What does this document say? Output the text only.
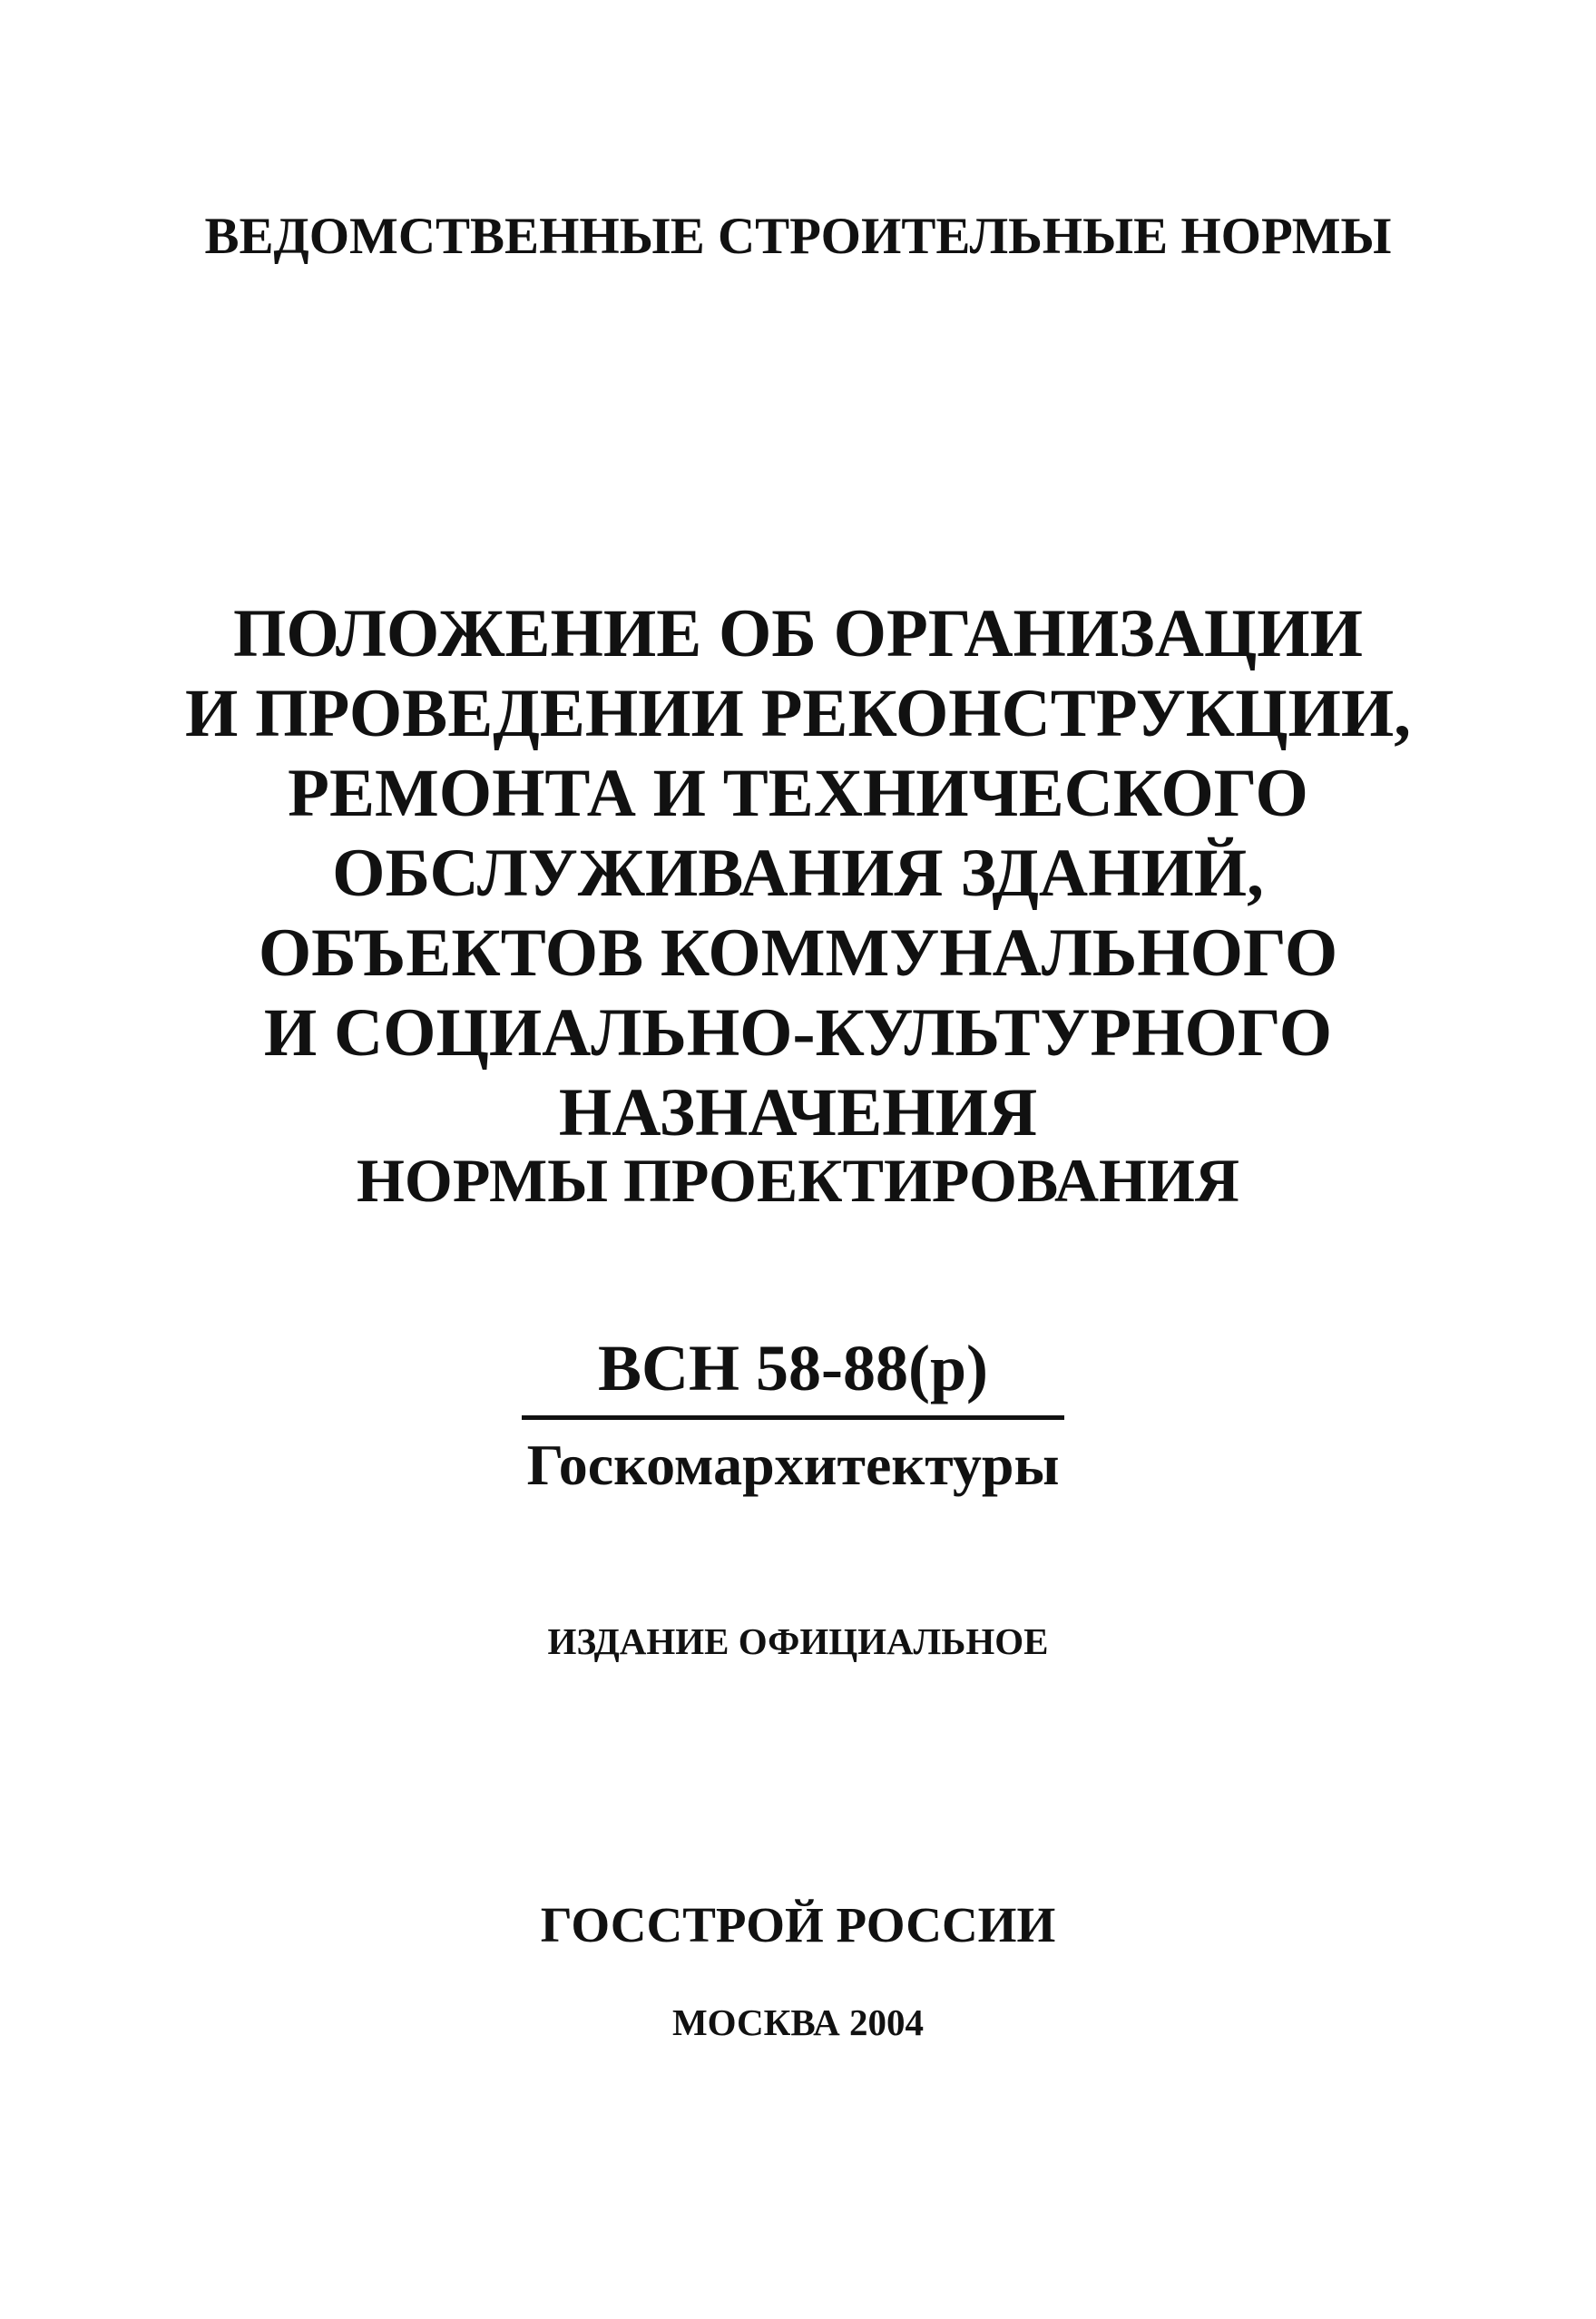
ВЕДОМСТВЕННЫЕ СТРОИТЕЛЬНЫЕ НОРМЫ
ПОЛОЖЕНИЕ ОБ ОРГАНИЗАЦИИ
И ПРОВЕДЕНИИ РЕКОНСТРУКЦИИ,
РЕМОНТА И ТЕХНИЧЕСКОГО
ОБСЛУЖИВАНИЯ ЗДАНИЙ,
ОБЪЕКТОВ КОММУНАЛЬНОГО
И СОЦИАЛЬНО-КУЛЬТУРНОГО
НАЗНАЧЕНИЯ
НОРМЫ ПРОЕКТИРОВАНИЯ
ВСН 58-88(р)
Госкомархитектуры
ИЗДАНИЕ ОФИЦИАЛЬНОЕ
ГОССТРОЙ РОССИИ
МОСКВА 2004
